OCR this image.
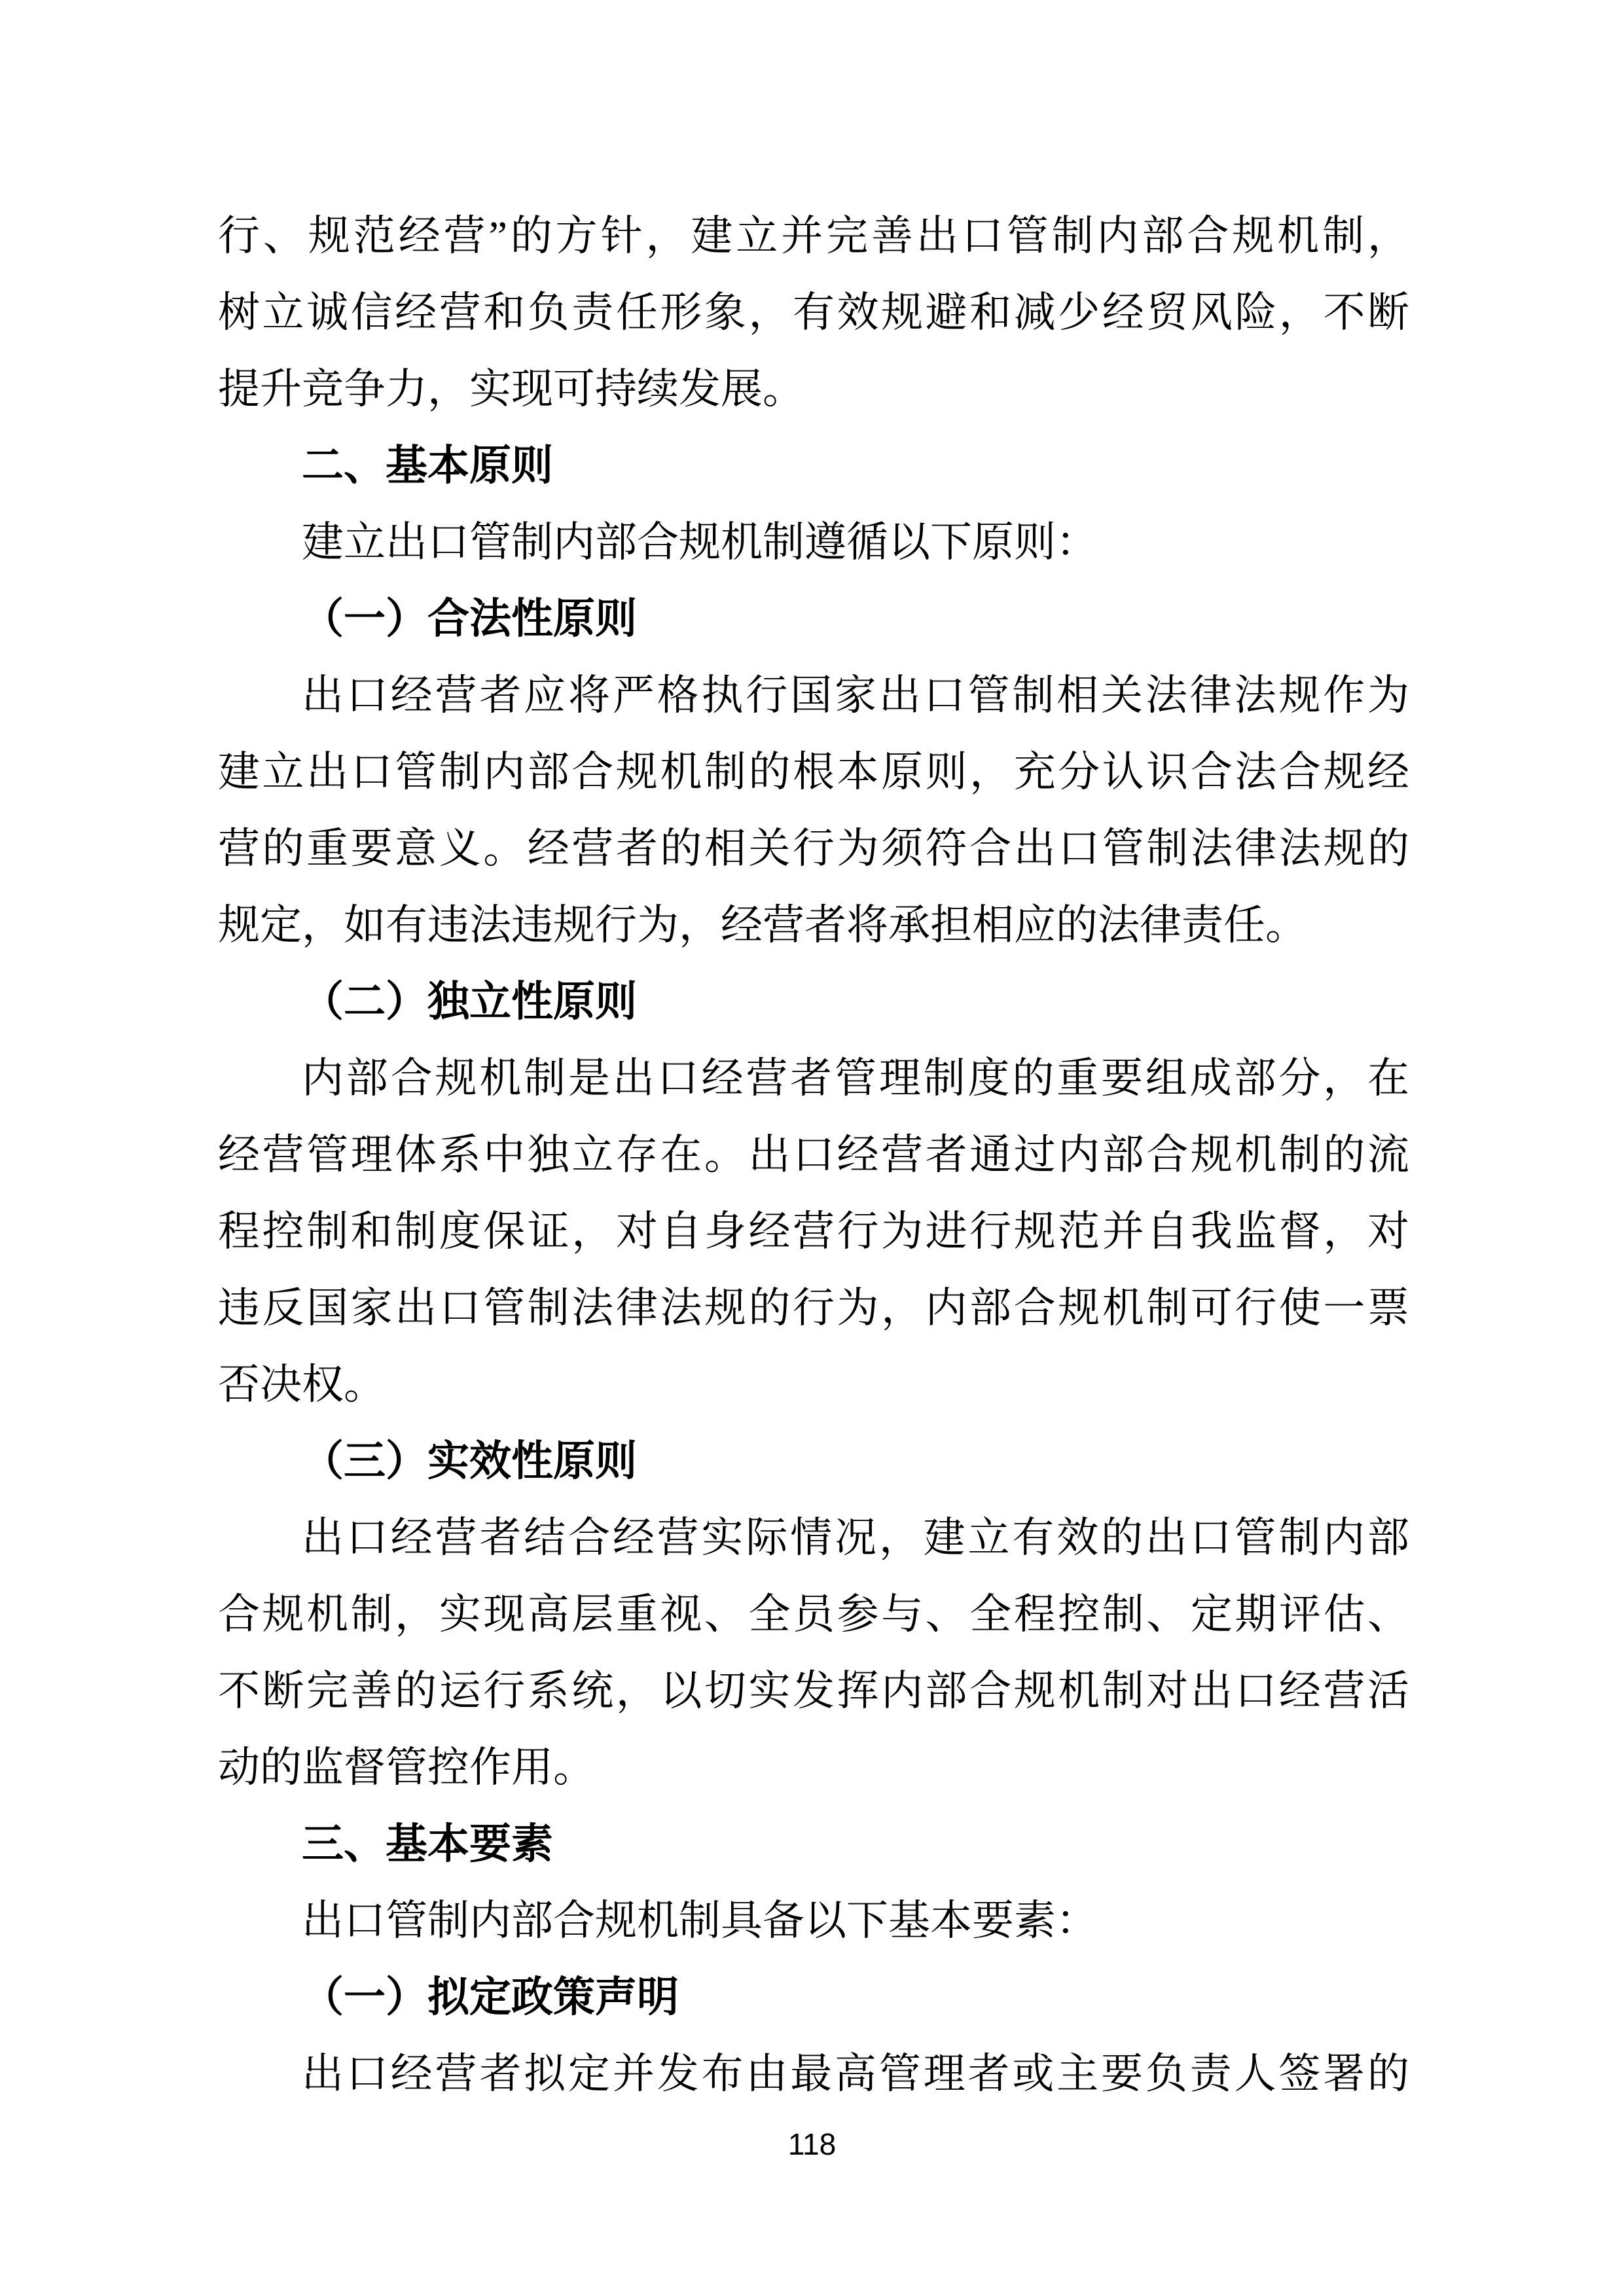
行、规范经营”的方针，建立并完善出口管制内部合规机制，
树立诚信经营和负责任形象，有效规避和减少经贸风险，不断
提升竞争力，实现可持续发展。
二、基本原则
建立出口管制内部合规机制遵循以下原则：
（一）合法性原则
出口经营者应将严格执行国家出口管制相关法律法规作为
建立出口管制内部合规机制的根本原则，充分认识合法合规经
营的重要意义。经营者的相关行为须符合出口管制法律法规的
规定，如有违法违规行为，经营者将承担相应的法律责任。
（二）独立性原则
内部合规机制是出口经营者管理制度的重要组成部分，在
经营管理体系中独立存在。出口经营者通过内部合规机制的流
程控制和制度保证，对自身经营行为进行规范并自我监督，对
违反国家出口管制法律法规的行为，内部合规机制可行使一票
否决权。
（三）实效性原则
出口经营者结合经营实际情况，建立有效的出口管制内部
合规机制，实现高层重视、全员参与、全程控制、定期评估、
不断完善的运行系统，以切实发挥内部合规机制对出口经营活
动的监督管控作用。
三、基本要素
出口管制内部合规机制具备以下基本要素：
（一）拟定政策声明
出口经营者拟定并发布由最高管理者或主要负责人签署的
118
